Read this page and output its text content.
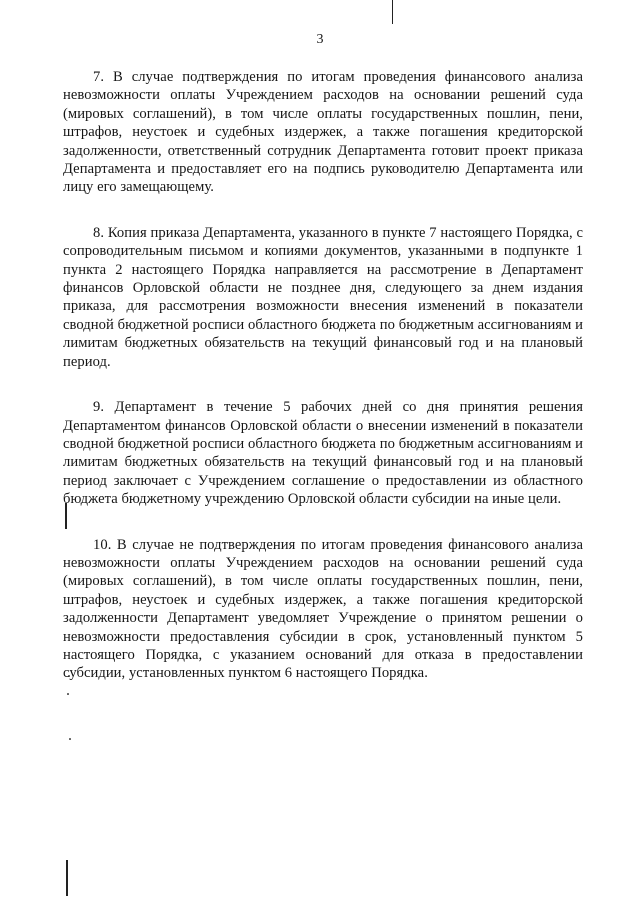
3

7. В случае подтверждения по итогам проведения финансового анализа невозможности оплаты Учреждением расходов на основании решений суда (мировых соглашений), в том числе оплаты государственных пошлин, пени, штрафов, неустоек и судебных издержек, а также погашения кредиторской задолженности, ответственный сотрудник Департамента готовит проект приказа Департамента и предоставляет его на подпись руководителю Департамента или лицу его замещающему.

8. Копия приказа Департамента, указанного в пункте 7 настоящего Порядка, с сопроводительным письмом и копиями документов, указанными в подпункте 1 пункта 2 настоящего Порядка направляется на рассмотрение в Департамент финансов Орловской области не позднее дня, следующего за днем издания приказа, для рассмотрения возможности внесения изменений в показатели сводной бюджетной росписи областного бюджета по бюджетным ассигнованиям и лимитам бюджетных обязательств на текущий финансовый год и на плановый период.

9. Департамент в течение 5 рабочих дней со дня принятия решения Департаментом финансов Орловской области о внесении изменений в показатели сводной бюджетной росписи областного бюджета по бюджетным ассигнованиям и лимитам бюджетных обязательств на текущий финансовый год и на плановый период заключает с Учреждением соглашение о предоставлении из областного бюджета бюджетному учреждению Орловской области субсидии на иные цели.

10. В случае не подтверждения по итогам проведения финансового анализа невозможности оплаты Учреждением расходов на основании решений суда (мировых соглашений), в том числе оплаты государственных пошлин, пени, штрафов, неустоек и судебных издержек, а также погашения кредиторской задолженности Департамент уведомляет Учреждение о принятом решении о невозможности предоставления субсидии в срок, установленный пунктом 5 настоящего Порядка, с указанием оснований для отказа в предоставлении субсидии, установленных пунктом 6 настоящего Порядка.
